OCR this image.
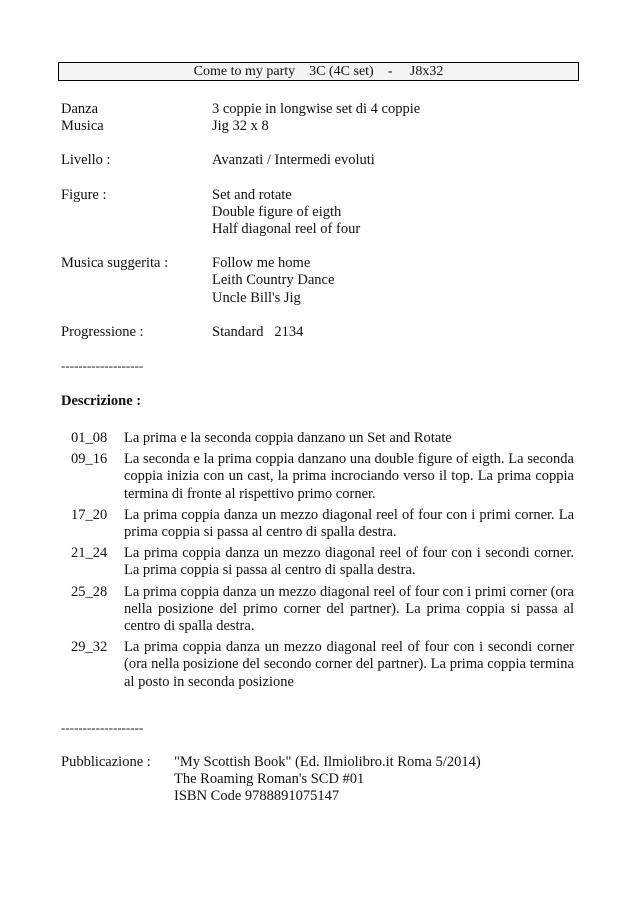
Come to my party 3C (4C set) - J8x32
Danza	3 coppie in longwise set di 4 coppie
Musica	Jig 32 x 8
Livello :	Avanzati / Intermedi evoluti
Figure :	Set and rotate
Double figure of eigth
Half diagonal reel of four
Musica suggerita :	Follow me home
Leith Country Dance
Uncle Bill's Jig
Progressione :	Standard   2134
-------------------
Descrizione :
01_08	La prima e la seconda coppia danzano un Set and Rotate
09_16	La seconda e la prima coppia danzano una double figure of eigth. La seconda coppia inizia con un cast, la prima incrociando verso il top. La prima coppia termina di fronte al rispettivo primo corner.
17_20	La prima coppia danza un mezzo diagonal reel of four con i primi corner. La prima coppia si passa al centro di spalla destra.
21_24	La prima coppia danza un mezzo diagonal reel of four con i secondi corner. La prima coppia si passa al centro di spalla destra.
25_28	La prima coppia danza un mezzo diagonal reel of four con i primi corner (ora nella posizione del primo corner del partner). La prima coppia si passa al centro di spalla destra.
29_32	La prima coppia danza un mezzo diagonal reel of four con i secondi corner (ora nella posizione del secondo corner del partner). La prima coppia termina al posto in seconda posizione
-------------------
Pubblicazione :	"My Scottish Book" (Ed. Ilmiolibro.it Roma 5/2014)
The Roaming Roman's SCD #01
ISBN Code 9788891075147
